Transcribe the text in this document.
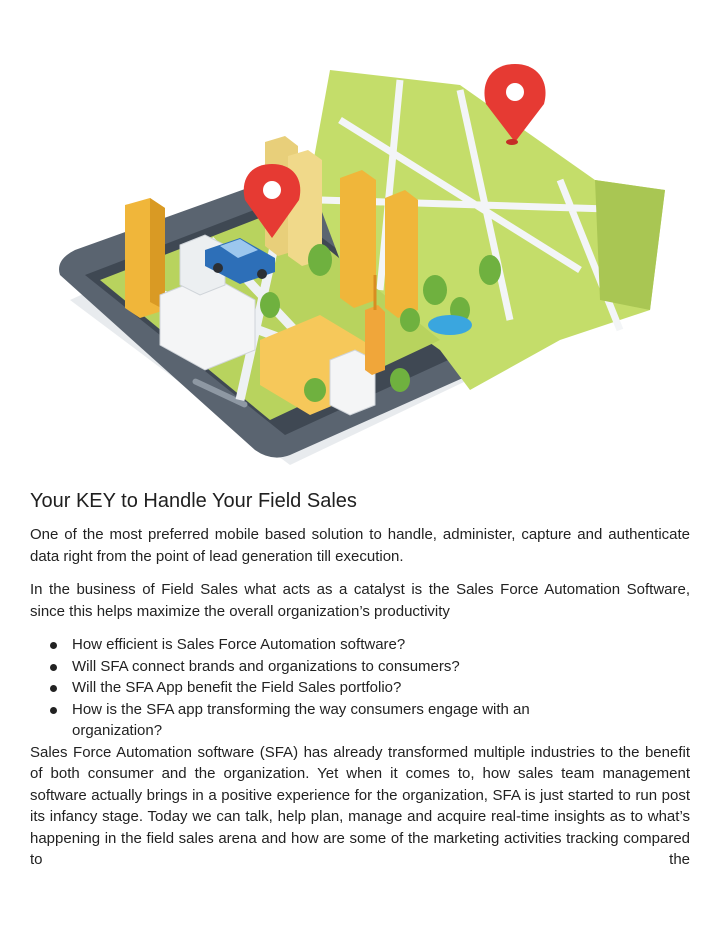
Your KEY to Handle Your Field Sales

One of the most preferred mobile based solution to handle, administer, capture and authenticate data right from the point of lead generation till execution.

In the business of Field Sales what acts as a catalyst is the Sales Force Automation Software, since this helps maximize the overall organization’s productivity

How efficient is Sales Force Automation software?
Will SFA connect brands and organizations to consumers?
Will the SFA App benefit the Field Sales portfolio?
How is the SFA app transforming the way consumers engage with an organization?

Sales Force Automation software (SFA) has already transformed multiple industries to the benefit of both consumer and the organization. Yet when it comes to, how sales team management software actually brings in a positive experience for the organization, SFA is just started to run post its infancy stage. Today we can talk, help plan, manage and acquire real-time insights as to what’s happening in the field sales arena and how are some of the marketing activities tracking compared to the
